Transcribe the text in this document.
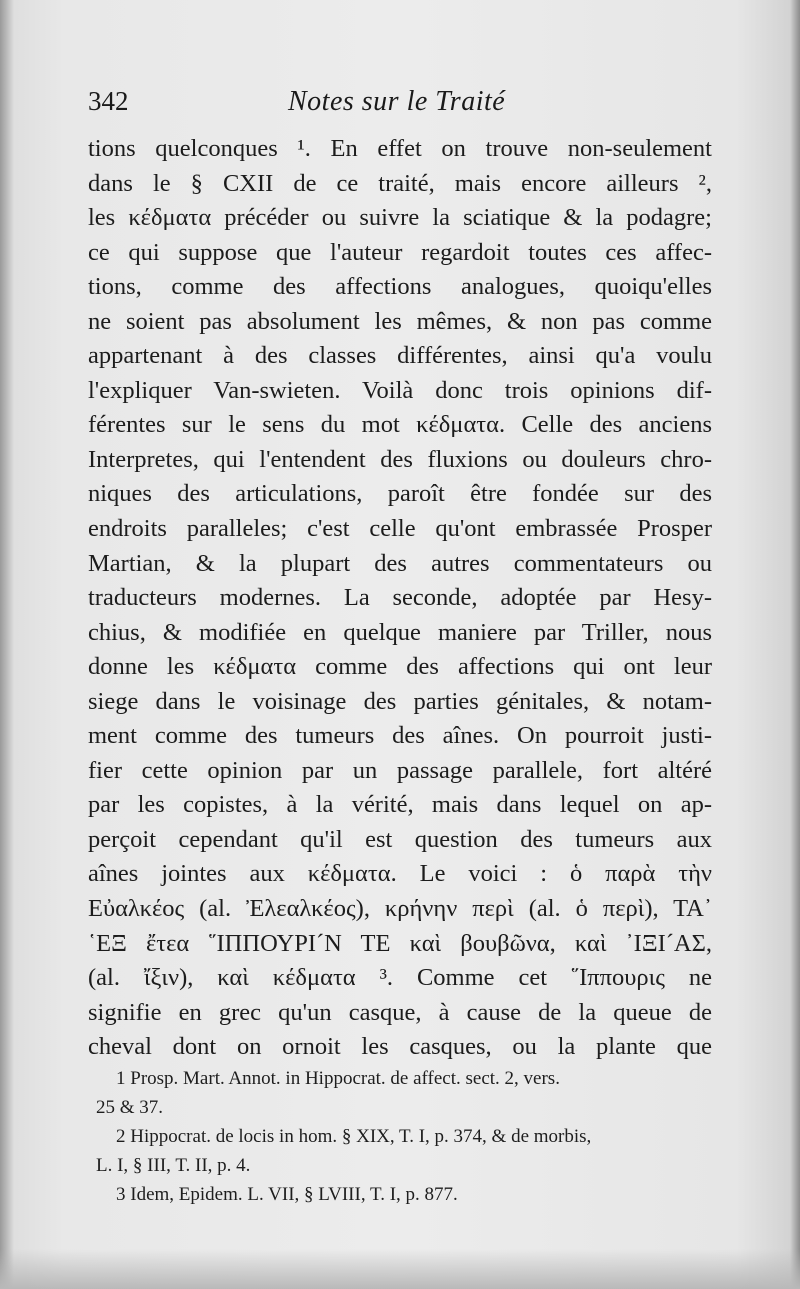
342	Notes sur le Traité
tions quelconques ¹. En effet on trouve non-seulement
dans le § CXII de ce traité, mais encore ailleurs ²,
les κέδματα précéder ou suivre la sciatique & la podagre;
ce qui suppose que l'auteur regardoit toutes ces affec-
tions, comme des affections analogues, quoiqu'elles
ne soient pas absolument les mêmes, & non pas comme
appartenant à des classes différentes, ainsi qu'a voulu
l'expliquer Van-swieten. Voilà donc trois opinions dif-
férentes sur le sens du mot κέδματα. Celle des anciens
Interpretes, qui l'entendent des fluxions ou douleurs chro-
niques des articulations, paroît être fondée sur des
endroits paralleles; c'est celle qu'ont embrassée Prosper
Martian, & la plupart des autres commentateurs ou
traducteurs modernes. La seconde, adoptée par Hesy-
chius, & modifiée en quelque maniere par Triller, nous
donne les κέδματα comme des affections qui ont leur
siege dans le voisinage des parties génitales, & notam-
ment comme des tumeurs des aînes. On pourroit justi-
fier cette opinion par un passage parallele, fort altéré
par les copistes, à la vérité, mais dans lequel on ap-
perçoit cependant qu'il est question des tumeurs aux
aînes jointes aux κέδματα. Le voici : ὁ παρὰ τὴν
Εὐαλκέος (al. Ἐλεαλκέος), κρήνην περὶ (al. ὁ περὶ), ΤΑ᾿
῾ΕΞ ἔτεα ῞ΙΠΠΟΥΡΙ´Ν ΤΕ καὶ βουβῶνα, καὶ ᾿ΙΞΙ´ΑΣ,
(al. ἴξιν), καὶ κέδματα ³. Comme cet ῞Ιππουρις ne
signifie en grec qu'un casque, à cause de la queue de
cheval dont on ornoit les casques, ou la plante que
1 Prosp. Mart. Annot. in Hippocrat. de affect. sect. 2, vers.
25 & 37.
2 Hippocrat. de locis in hom. § XIX, T. I, p. 374, & de morbis,
L. I, § III, T. II, p. 4.
3 Idem, Epidem. L. VII, § LVIII, T. I, p. 877.
